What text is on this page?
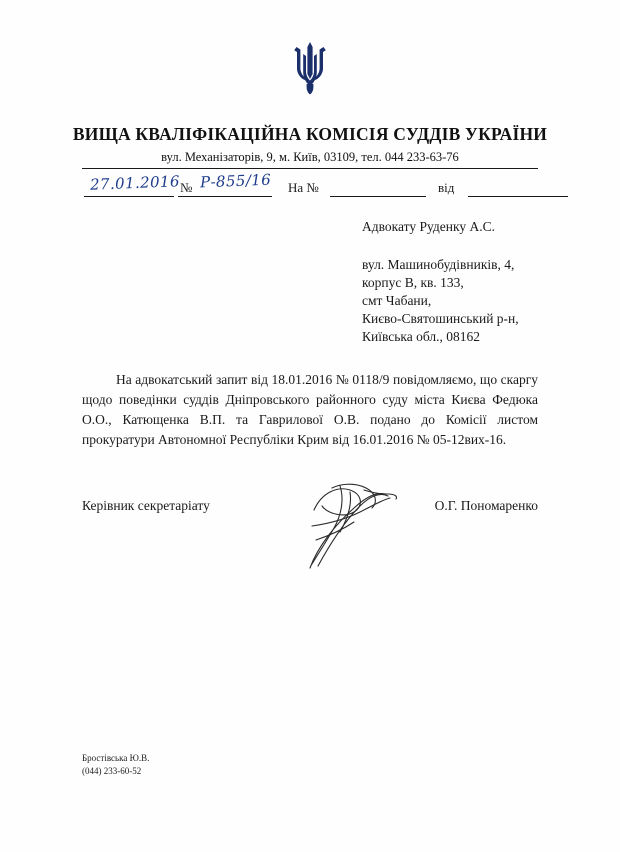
ВИЩА КВАЛІФІКАЦІЙНА КОМІСІЯ СУДДІВ УКРАЇНИ
вул. Механізаторів, 9, м. Київ, 03109, тел. 044 233-63-76
27.01.2016 № Р-855/16 На №	від
Адвокату Руденку А.С.
вул. Машинобудівників, 4,
корпус В, кв. 133,
смт Чабани,
Києво-Святошинський р-н,
Київська обл., 08162
На адвокатський запит від 18.01.2016 № 0118/9 повідомляємо, що скаргу щодо поведінки суддів Дніпровського районного суду міста Києва Федюка О.О., Катющенка В.П. та Гаврилової О.В. подано до Комісії листом прокуратури Автономної Республіки Крим від 16.01.2016 № 05-12вих-16.
Керівник секретаріату	О.Г. Пономаренко
Бростівська Ю.В.
(044) 233-60-52
